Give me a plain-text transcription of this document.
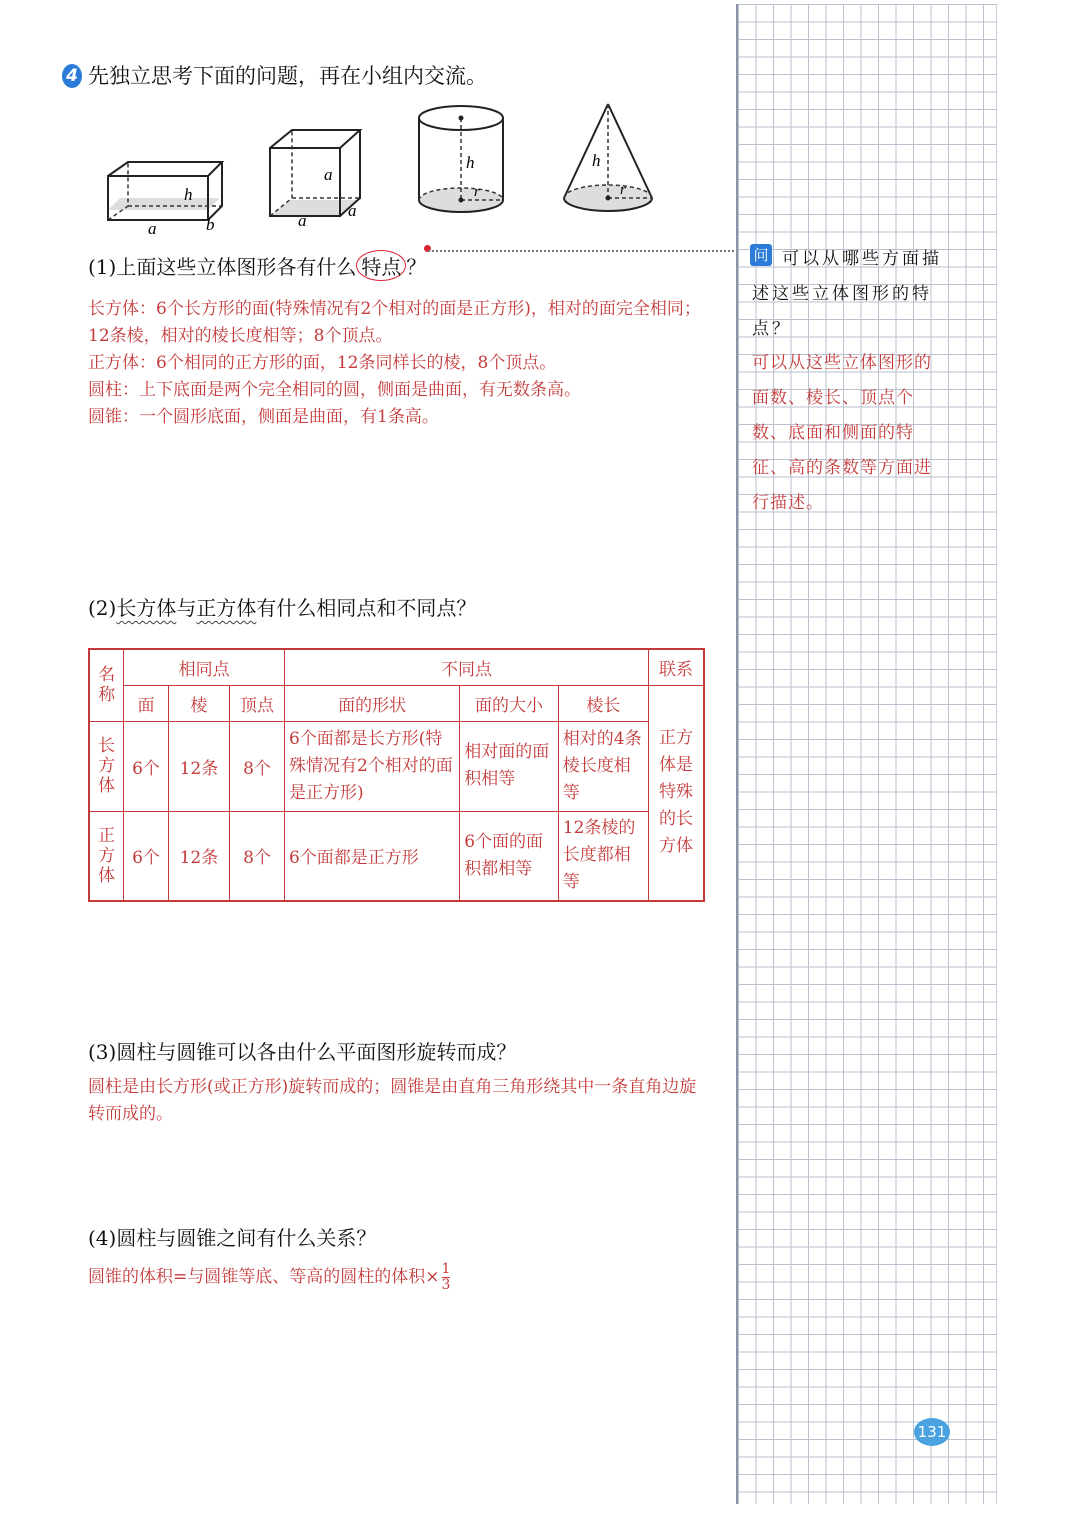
4 先独立思考下面的问题，再在小组内交流。
h
a	b
a
a
a
h
r
h
r
(1)上面这些立体图形各有什么 特点 ？

长方体：6个长方形的面(特殊情况有2个相对的面是正方形)，相对的面完全相同；12条棱，相对的棱长度相等；8个顶点。

正方体：6个相同的正方形的面，12条同样长的棱，8个顶点。

圆柱：上下底面是两个完全相同的圆，侧面是曲面，有无数条高。

圆锥：一个圆形底面，侧面是曲面，有1条高。

(2)长方体与正方体有什么相同点和不同点？
名称	相同点			不同点			联系
	面	棱	顶点	面的形状	面的大小	棱长	正方体是特殊的长方体
长方体	6个	12条	8个	6个面都是长方形(特殊情况有2个相对的面是正方形)	相对面的面积相等	相对的4条棱长度相等	
正方体	6个	12条	8个	6个面都是正方形	6个面的面积都相等	12条棱的长度都相等	
(3)圆柱与圆锥可以各由什么平面图形旋转而成？
圆柱是由长方形(或正方形)旋转而成的；圆锥是由直角三角形绕其中一条直角边旋转而成的。
(4)圆柱与圆锥之间有什么关系？
圆锥的体积=与圆锥等底、等高的圆柱的体积× $\frac{1}{3}$
问 可以从哪些方面描述这些立体图形的特点？
可以从这些立体图形的面数、棱长、顶点个数、底面和侧面的特征、高的条数等方面进行描述。
131
